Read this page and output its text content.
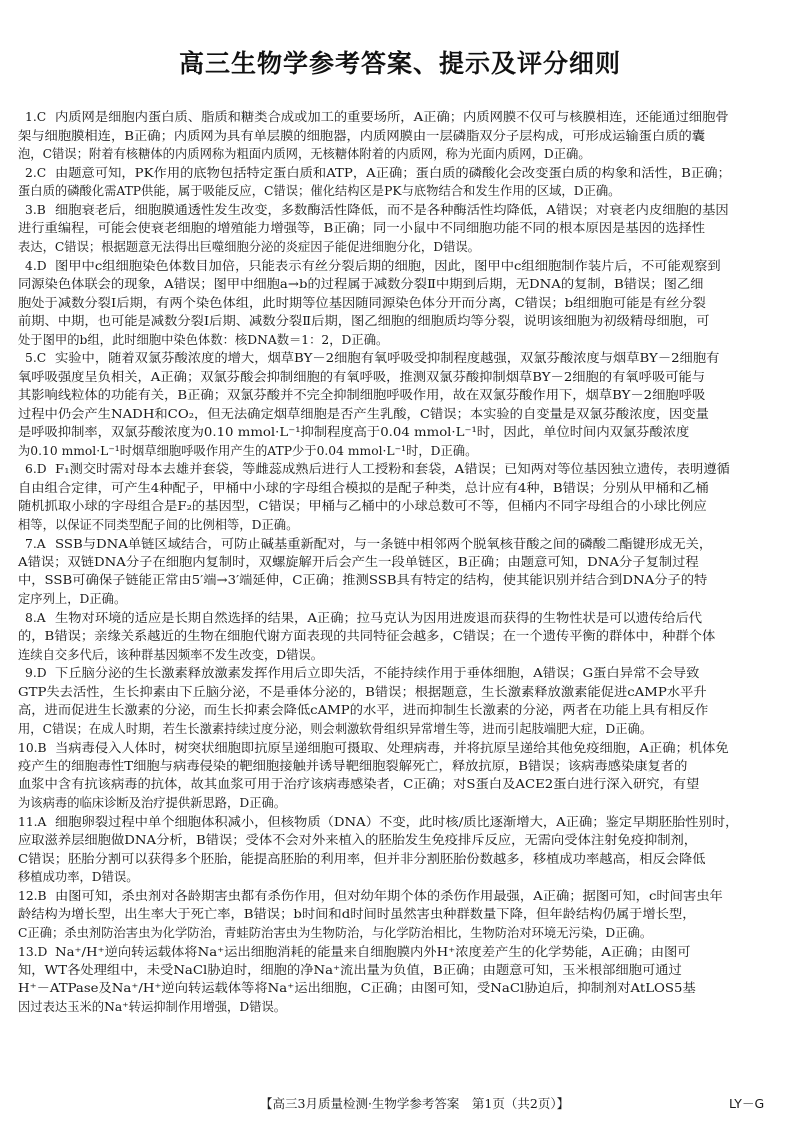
高三生物学参考答案、提示及评分细则
1.C 内质网是细胞内蛋白质、脂质和糖类合成或加工的重要场所，A正确；内质网膜不仅可与核膜相连，还能通过细胞骨
架与细胞膜相连，B正确；内质网为具有单层膜的细胞器，内质网膜由一层磷脂双分子层构成，可形成运输蛋白质的囊
泡，C错误；附着有核糖体的内质网称为粗面内质网，无核糖体附着的内质网，称为光面内质网，D正确。
2.C 由题意可知，PK作用的底物包括特定蛋白质和ATP，A正确；蛋白质的磷酸化会改变蛋白质的构象和活性，B正确；
蛋白质的磷酸化需ATP供能，属于吸能反应，C错误；催化结构区是PK与底物结合和发生作用的区域，D正确。
3.B 细胞衰老后，细胞膜通透性发生改变，多数酶活性降低，而不是各种酶活性均降低，A错误；对衰老内皮细胞的基因
进行重编程，可能会使衰老细胞的增殖能力增强等，B正确；同一小鼠中不同细胞功能不同的根本原因是基因的选择性
表达，C错误；根据题意无法得出巨噬细胞分泌的炎症因子能促进细胞分化，D错误。
4.D 图甲中c组细胞染色体数目加倍，只能表示有丝分裂后期的细胞，因此，图甲中c组细胞制作装片后，不可能观察到
同源染色体联会的现象，A错误；图甲中细胞a→b的过程属于减数分裂Ⅱ中期到后期，无DNA的复制，B错误；图乙细
胞处于减数分裂Ⅰ后期，有两个染色体组，此时期等位基因随同源染色体分开而分离，C错误；b组细胞可能是有丝分裂
前期、中期，也可能是减数分裂Ⅰ后期、减数分裂Ⅱ后期，图乙细胞的细胞质均等分裂，说明该细胞为初级精母细胞，可
处于图甲的b组，此时细胞中染色体数：核DNA数＝1：2，D正确。
5.C 实验中，随着双氯芬酸浓度的增大，烟草BY－2细胞有氧呼吸受抑制程度越强，双氯芬酸浓度与烟草BY－2细胞有
氧呼吸强度呈负相关，A正确；双氯芬酸会抑制细胞的有氧呼吸，推测双氯芬酸抑制烟草BY－2细胞的有氧呼吸可能与
其影响线粒体的功能有关，B正确；双氯芬酸并不完全抑制细胞呼吸作用，故在双氯芬酸作用下，烟草BY－2细胞呼吸
过程中仍会产生NADH和CO₂，但无法确定烟草细胞是否产生乳酸，C错误；本实验的自变量是双氯芬酸浓度，因变量
是呼吸抑制率，双氯芬酸浓度为0.10 mmol·L⁻¹抑制程度高于0.04 mmol·L⁻¹时，因此，单位时间内双氯芬酸浓度
为0.10 mmol·L⁻¹时烟草细胞呼吸作用产生的ATP少于0.04 mmol·L⁻¹时，D正确。
6.D F₁测交时需对母本去雄并套袋，等雌蕊成熟后进行人工授粉和套袋，A错误；已知两对等位基因独立遗传，表明遵循
自由组合定律，可产生4种配子，甲桶中小球的字母组合模拟的是配子种类，总计应有4种，B错误；分别从甲桶和乙桶
随机抓取小球的字母组合是F₂的基因型，C错误；甲桶与乙桶中的小球总数可不等，但桶内不同字母组合的小球比例应
相等，以保证不同类型配子间的比例相等，D正确。
7.A SSB与DNA单链区域结合，可防止碱基重新配对，与一条链中相邻两个脱氧核苷酸之间的磷酸二酯键形成无关，
A错误；双链DNA分子在细胞内复制时，双螺旋解开后会产生一段单链区，B正确；由题意可知，DNA分子复制过程
中，SSB可确保子链能正常由5′端→3′端延伸，C正确；推测SSB具有特定的结构，使其能识别并结合到DNA分子的特
定序列上，D正确。
8.A 生物对环境的适应是长期自然选择的结果，A正确；拉马克认为因用进废退而获得的生物性状是可以遗传给后代
的，B错误；亲缘关系越近的生物在细胞代谢方面表现的共同特征会越多，C错误；在一个遗传平衡的群体中，种群个体
连续自交多代后，该种群基因频率不发生改变，D错误。
9.D 下丘脑分泌的生长激素释放激素发挥作用后立即失活，不能持续作用于垂体细胞，A错误；G蛋白异常不会导致
GTP失去活性，生长抑素由下丘脑分泌，不是垂体分泌的，B错误；根据题意，生长激素释放激素能促进cAMP水平升
高，进而促进生长激素的分泌，而生长抑素会降低cAMP的水平，进而抑制生长激素的分泌，两者在功能上具有相反作
用，C错误；在成人时期，若生长激素持续过度分泌，则会刺激软骨组织异常增生等，进而引起肢端肥大症，D正确。
10.B 当病毒侵入人体时，树突状细胞即抗原呈递细胞可摄取、处理病毒，并将抗原呈递给其他免疫细胞，A正确；机体免
疫产生的细胞毒性T细胞与病毒侵染的靶细胞接触并诱导靶细胞裂解死亡，释放抗原，B错误；该病毒感染康复者的
血浆中含有抗该病毒的抗体，故其血浆可用于治疗该病毒感染者，C正确；对S蛋白及ACE2蛋白进行深入研究，有望
为该病毒的临床诊断及治疗提供新思路，D正确。
11.A 细胞卵裂过程中单个细胞体积减小，但核物质（DNA）不变，此时核/质比逐渐增大，A正确；鉴定早期胚胎性别时，
应取滋养层细胞做DNA分析，B错误；受体不会对外来植入的胚胎发生免疫排斥反应，无需向受体注射免疫抑制剂，
C错误；胚胎分割可以获得多个胚胎，能提高胚胎的利用率，但并非分割胚胎份数越多，移植成功率越高，相反会降低
移植成功率，D错误。
12.B 由图可知，杀虫剂对各龄期害虫都有杀伤作用，但对幼年期个体的杀伤作用最强，A正确；据图可知，c时间害虫年
龄结构为增长型，出生率大于死亡率，B错误；b时间和d时间时虽然害虫种群数量下降，但年龄结构仍属于增长型，
C正确；杀虫剂防治害虫为化学防治，青蛙防治害虫为生物防治，与化学防治相比，生物防治对环境无污染，D正确。
13.D Na⁺/H⁺逆向转运载体将Na⁺运出细胞消耗的能量来自细胞膜内外H⁺浓度差产生的化学势能，A正确；由图可
知，WT各处理组中，未受NaCl胁迫时，细胞的净Na⁺流出量为负值，B正确；由题意可知，玉米根部细胞可通过
H⁺－ATPase及Na⁺/H⁺逆向转运载体等将Na⁺运出细胞，C正确；由图可知，受NaCl胁迫后，抑制剂对AtLOS5基
因过表达玉米的Na⁺转运抑制作用增强，D错误。
【高三3月质量检测·生物学参考答案　第1页（共2页）】	LY－G
